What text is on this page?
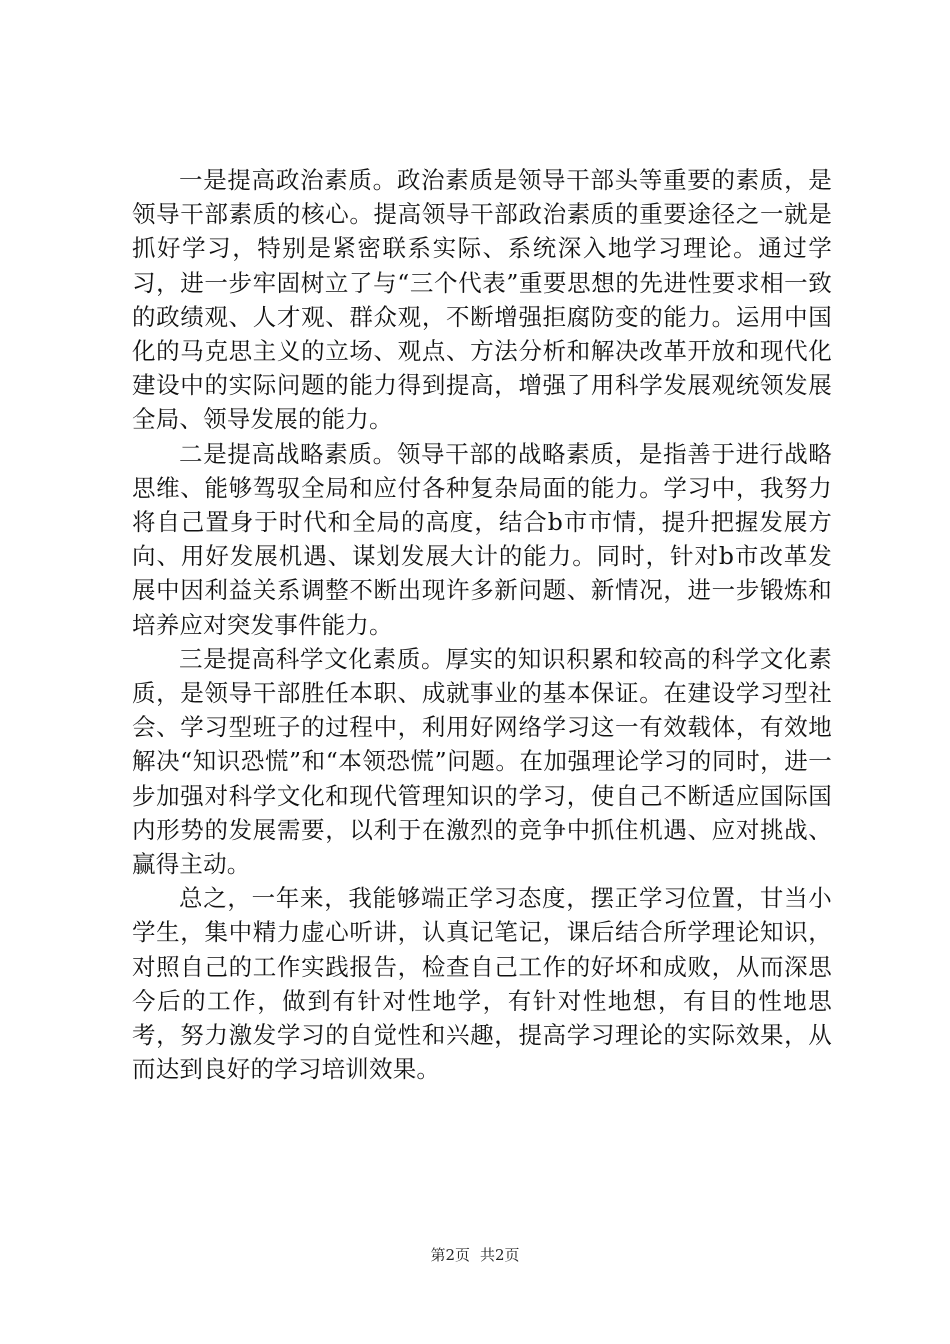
一是提高政治素质。政治素质是领导干部头等重要的素质，是领导干部素质的核心。提高领导干部政治素质的重要途径之一就是抓好学习，特别是紧密联系实际、系统深入地学习理论。通过学习，进一步牢固树立了与“三个代表”重要思想的先进性要求相一致的政绩观、人才观、群众观，不断增强拒腐防变的能力。运用中国化的马克思主义的立场、观点、方法分析和解决改革开放和现代化建设中的实际问题的能力得到提高，增强了用科学发展观统领发展全局、领导发展的能力。

二是提高战略素质。领导干部的战略素质，是指善于进行战略思维、能够驾驭全局和应付各种复杂局面的能力。学习中，我努力将自己置身于时代和全局的高度，结合b市市情，提升把握发展方向、用好发展机遇、谋划发展大计的能力。同时，针对b市改革发展中因利益关系调整不断出现许多新问题、新情况，进一步锻炼和培养应对突发事件能力。

三是提高科学文化素质。厚实的知识积累和较高的科学文化素质，是领导干部胜任本职、成就事业的基本保证。在建设学习型社会、学习型班子的过程中，利用好网络学习这一有效载体，有效地解决“知识恐慌”和“本领恐慌”问题。在加强理论学习的同时，进一步加强对科学文化和现代管理知识的学习，使自己不断适应国际国内形势的发展需要，以利于在激烈的竞争中抓住机遇、应对挑战、赢得主动。

总之，一年来，我能够端正学习态度，摆正学习位置，甘当小学生，集中精力虚心听讲，认真记笔记，课后结合所学理论知识，对照自己的工作实践报告，检查自己工作的好坏和成败，从而深思今后的工作，做到有针对性地学，有针对性地想，有目的性地思考，努力激发学习的自觉性和兴趣，提高学习理论的实际效果，从而达到良好的学习培训效果。

第2页 共2页
